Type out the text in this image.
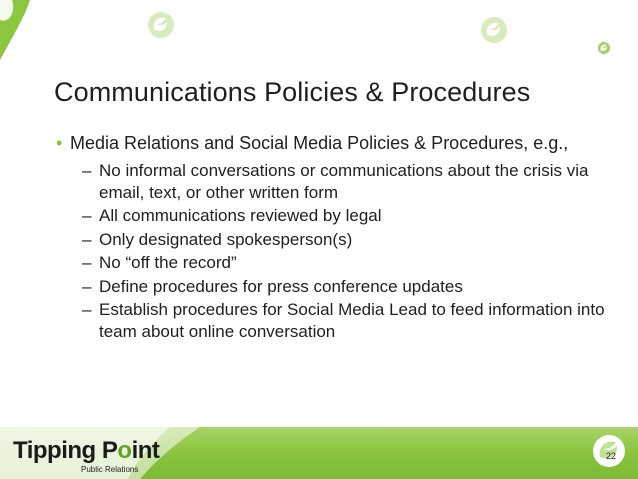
Communications Policies & Procedures
• Media Relations and Social Media Policies & Procedures, e.g.,
– No informal conversations or communications about the crisis via email, text, or other written form
– All communications reviewed by legal
– Only designated spokesperson(s)
– No “off the record”
– Define procedures for press conference updates
– Establish procedures for Social Media Lead to feed information into team about online conversation
Tipping Point
Public Relations
22
